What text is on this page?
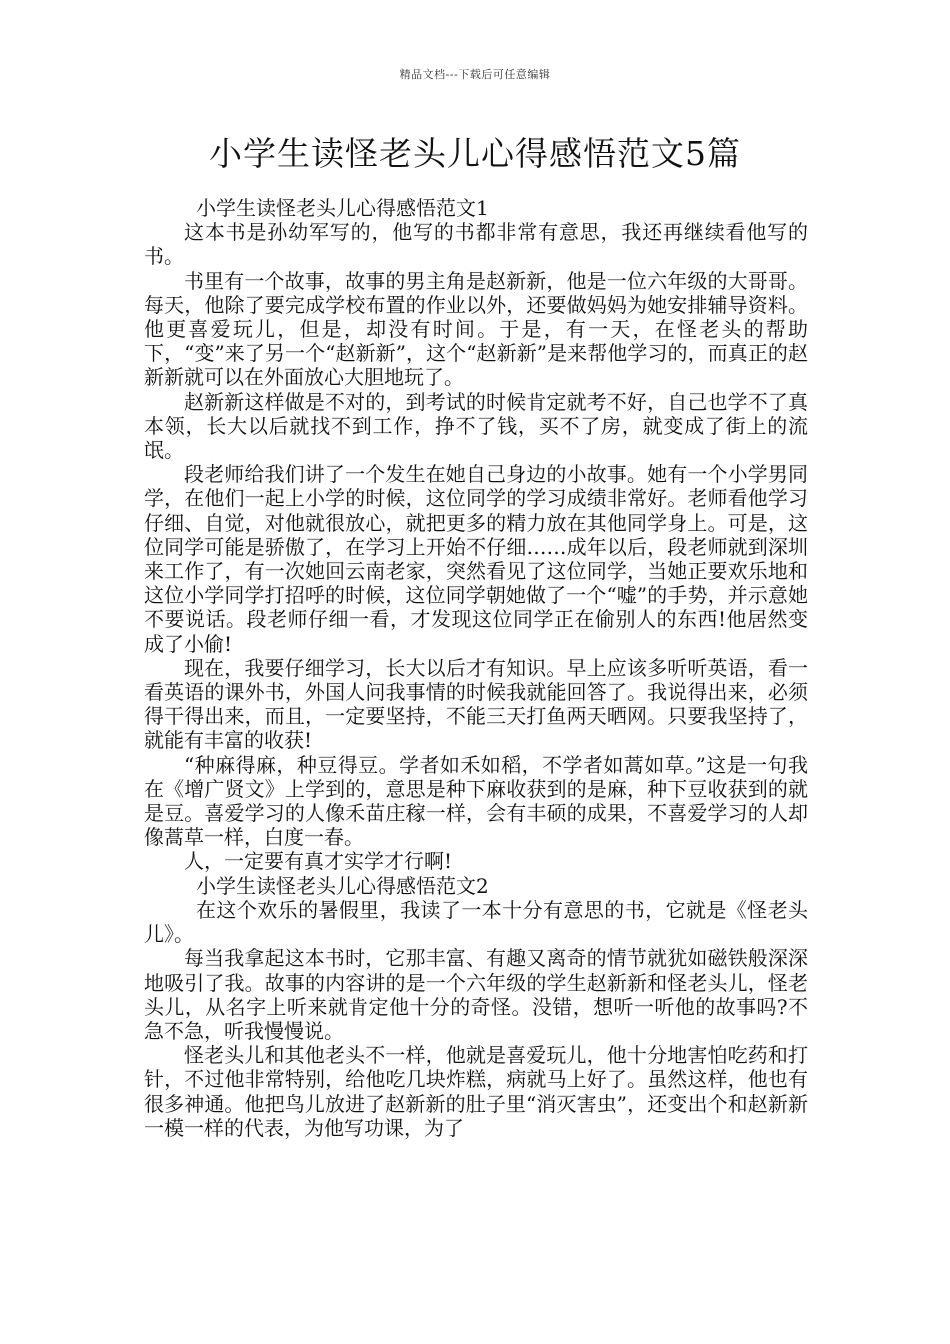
精品文档---下载后可任意编辑
小学生读怪老头儿心得感悟范文5篇

小学生读怪老头儿心得感悟范文1

这本书是孙幼军写的，他写的书都非常有意思，我还再继续看他写的书。

书里有一个故事，故事的男主角是赵新新，他是一位六年级的大哥哥。每天，他除了要完成学校布置的作业以外，还要做妈妈为她安排辅导资料。他更喜爱玩儿，但是，却没有时间。于是，有一天，在怪老头的帮助下，“变”来了另一个“赵新新”，这个“赵新新”是来帮他学习的，而真正的赵新新就可以在外面放心大胆地玩了。

赵新新这样做是不对的，到考试的时候肯定就考不好，自己也学不了真本领，长大以后就找不到工作，挣不了钱，买不了房，就变成了街上的流氓。

段老师给我们讲了一个发生在她自己身边的小故事。她有一个小学男同学，在他们一起上小学的时候，这位同学的学习成绩非常好。老师看他学习仔细、自觉，对他就很放心，就把更多的精力放在其他同学身上。可是，这位同学可能是骄傲了，在学习上开始不仔细……成年以后，段老师就到深圳来工作了，有一次她回云南老家，突然看见了这位同学，当她正要欢乐地和这位小学同学打招呼的时候，这位同学朝她做了一个“嘘”的手势，并示意她不要说话。段老师仔细一看，才发现这位同学正在偷别人的东西!他居然变成了小偷!

现在，我要仔细学习，长大以后才有知识。早上应该多听听英语，看一看英语的课外书，外国人问我事情的时候我就能回答了。我说得出来，必须得干得出来，而且，一定要坚持，不能三天打鱼两天晒网。只要我坚持了，就能有丰富的收获!

“种麻得麻，种豆得豆。学者如禾如稻，不学者如蒿如草。”这是一句我在《增广贤文》上学到的，意思是种下麻收获到的是麻，种下豆收获到的就是豆。喜爱学习的人像禾苗庄稼一样，会有丰硕的成果，不喜爱学习的人却像蒿草一样，白度一春。

人，一定要有真才实学才行啊!

小学生读怪老头儿心得感悟范文2

在这个欢乐的暑假里，我读了一本十分有意思的书，它就是《怪老头儿》。

每当我拿起这本书时，它那丰富、有趣又离奇的情节就犹如磁铁般深深地吸引了我。故事的内容讲的是一个六年级的学生赵新新和怪老头儿，怪老头儿，从名字上听来就肯定他十分的奇怪。没错，想听一听他的故事吗?不急不急，听我慢慢说。

怪老头儿和其他老头不一样，他就是喜爱玩儿，他十分地害怕吃药和打针，不过他非常特别，给他吃几块炸糕，病就马上好了。虽然这样，他也有很多神通。他把鸟儿放进了赵新新的肚子里“消灭害虫”，还变出个和赵新新一模一样的代表，为他写功课，为了
